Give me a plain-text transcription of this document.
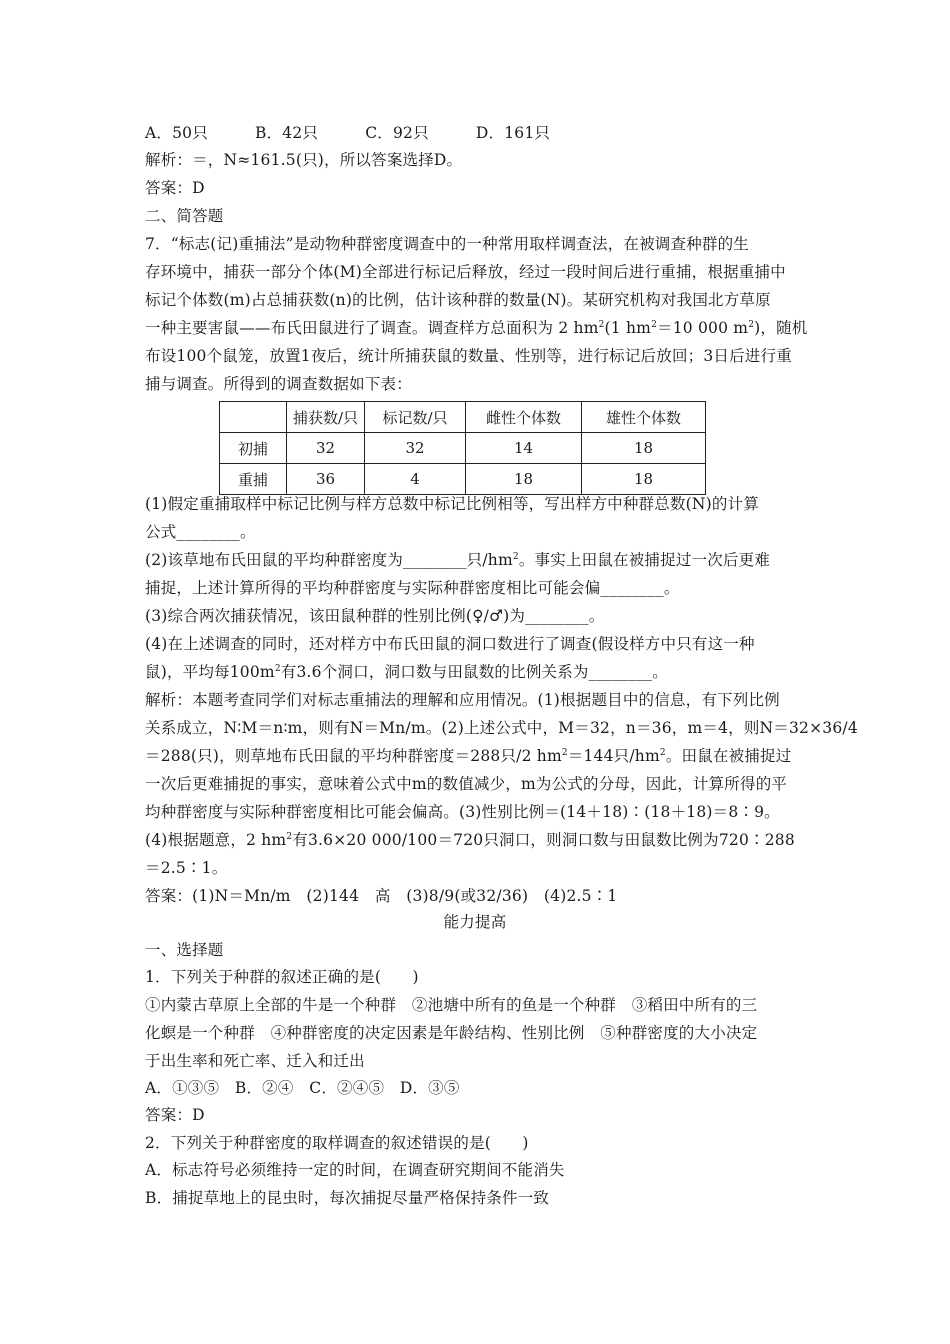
A．50只　　　B．42只　　　C．92只　　　D．161只
解析：＝，N≈161.5(只)，所以答案选择D。
答案：D
二、简答题
7．“标志(记)重捕法”是动物种群密度调查中的一种常用取样调查法，在被调查种群的生
存环境中，捕获一部分个体(M)全部进行标记后释放，经过一段时间后进行重捕，根据重捕中
标记个体数(m)占总捕获数(n)的比例，估计该种群的数量(N)。某研究机构对我国北方草原
一种主要害鼠——布氏田鼠进行了调查。调查样方总面积为 2 $hm^2(1$ $hm^2=10$ 000 $m^2$)，随机
布设100个鼠笼，放置1夜后，统计所捕获鼠的数量、性别等，进行标记后放回；3日后进行重
捕与调查。所得到的调查数据如下表：
	捕获数/只	标记数/只	雌性个体数	雄性个体数
初捕	32	32	14	18
重捕	36	4	18	18
(1)假定重捕取样中标记比例与样方总数中标记比例相等，写出样方中种群总数(N)的计算
公式________。
(2)该草地布氏田鼠的平均种群密度为________只$/hm^2$。事实上田鼠在被捕捉过一次后更难
捕捉，上述计算所得的平均种群密度与实际种群密度相比可能会偏________。
(3)综合两次捕获情况，该田鼠种群的性别比例(♀/♂)为________。
(4)在上述调查的同时，还对样方中布氏田鼠的洞口数进行了调查(假设样方中只有这一种
鼠)，平均每$100m^2$有3.6个洞口，洞口数与田鼠数的比例关系为________。
解析：本题考查同学们对标志重捕法的理解和应用情况。(1)根据题目中的信息，有下列比例
关系成立，N∶M＝n∶m，则有N＝Mn/m。(2)上述公式中，M＝32，n＝36，m＝4，则N＝32×36/4
＝288(只)，则草地布氏田鼠的平均种群密度＝288只/2 $hm^2=144$只$/hm^2$。田鼠在被捕捉过
一次后更难捕捉的事实，意味着公式中m的数值减少，m为公式的分母，因此，计算所得的平
均种群密度与实际种群密度相比可能会偏高。(3)性别比例＝(14＋18)∶(18＋18)＝8∶9。
(4)根据题意，2 $hm^2$有3.6×20 000/100＝720只洞口，则洞口数与田鼠数比例为720∶288
＝2.5∶1。
答案：(1)N＝Mn/m　(2)144　高　(3)8/9(或32/36)　(4)2.5∶1
能力提高
一、选择题
1．下列关于种群的叙述正确的是(　　)
①内蒙古草原上全部的牛是一个种群　②池塘中所有的鱼是一个种群　③稻田中所有的三
化螟是一个种群　④种群密度的决定因素是年龄结构、性别比例　⑤种群密度的大小决定
于出生率和死亡率、迁入和迁出
A．①③⑤　B．②④　C．②④⑤　D．③⑤
答案：D
2．下列关于种群密度的取样调查的叙述错误的是(　　)
A．标志符号必须维持一定的时间，在调查研究期间不能消失
B．捕捉草地上的昆虫时，每次捕捉尽量严格保持条件一致
